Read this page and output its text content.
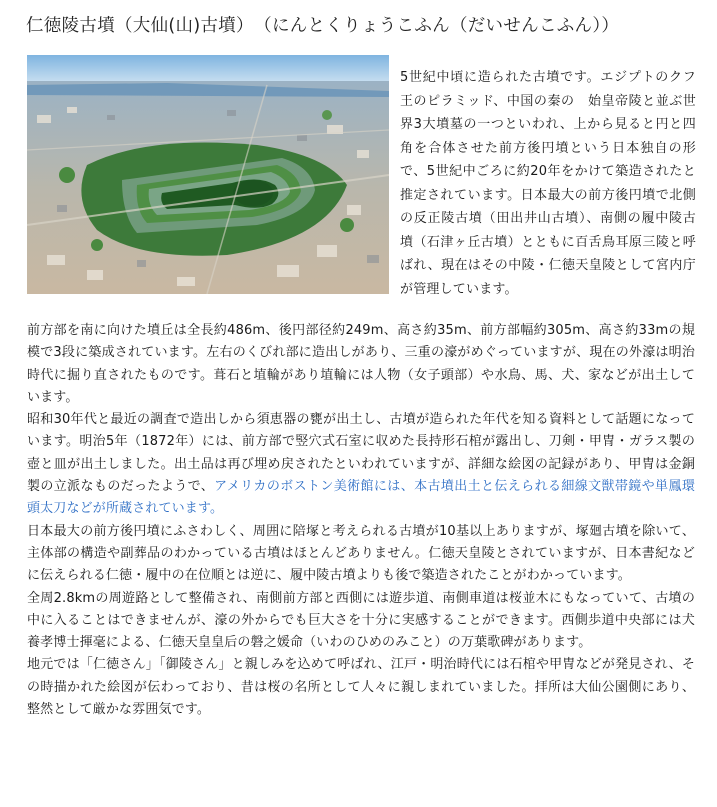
仁徳陵古墳（大仙(山)古墳）　（にんとくりょうこふん（だいせんこふん））
5世紀中頃に造られた古墳です。エジプトのクフ王のピラミッド、中国の秦の　始皇帝陵と並ぶ世界3大墳墓の一つといわれ、上から見ると円と四角を合体させた前方後円墳という日本独自の形で、5世紀中ごろに約20年をかけて築造されたと推定されています。日本最大の前方後円墳で北側の反正陵古墳（田出井山古墳）、南側の履中陵古墳（石津ヶ丘古墳）とともに百舌鳥耳原三陵と呼ばれ、現在はその中陵・仁徳天皇陵として宮内庁が管理しています。

前方部を南に向けた墳丘は全長約486m、後円部径約249m、高さ約35m、前方部幅約305m、高さ約33mの規模で3段に築成されています。左右のくびれ部に造出しがあり、三重の濠がめぐっていますが、現在の外濠は明治時代に掘り直されたものです。葺石と埴輪があり埴輪には人物（女子頭部）や水鳥、馬、犬、家などが出土しています。

昭和30年代と最近の調査で造出しから須恵器の甕が出土し、古墳が造られた年代を知る資料として話題になっています。明治5年（1872年）には、前方部で竪穴式石室に収めた長持形石棺が露出し、刀剣・甲冑・ガラス製の壺と皿が出土しました。出土品は再び埋め戻されたといわれていますが、詳細な絵図の記録があり、甲冑は金銅製の立派なものだったようで、アメリカのボストン美術館には、本古墳出土と伝えられる細線文獣帯鏡や単鳳環頭太刀などが所蔵されています。

日本最大の前方後円墳にふさわしく、周囲に陪塚と考えられる古墳が10基以上ありますが、塚廻古墳を除いて、主体部の構造や副葬品のわかっている古墳はほとんどありません。仁徳天皇陵とされていますが、日本書紀などに伝えられる仁徳・履中の在位順とは逆に、履中陵古墳よりも後で築造されたことがわかっています。

全周2.8kmの周遊路として整備され、南側前方部と西側には遊歩道、南側車道は桜並木にもなっていて、古墳の中に入ることはできませんが、濠の外からでも巨大さを十分に実感することができます。西側歩道中央部には犬養孝博士揮毫による、仁徳天皇皇后の磐之媛命（いわのひめのみこと）の万葉歌碑があります。

地元では「仁徳さん」「御陵さん」と親しみを込めて呼ばれ、江戸・明治時代には石棺や甲冑などが発見され、その時描かれた絵図が伝わっており、昔は桜の名所として人々に親しまれていました。拝所は大仙公園側にあり、整然として厳かな雰囲気です。
